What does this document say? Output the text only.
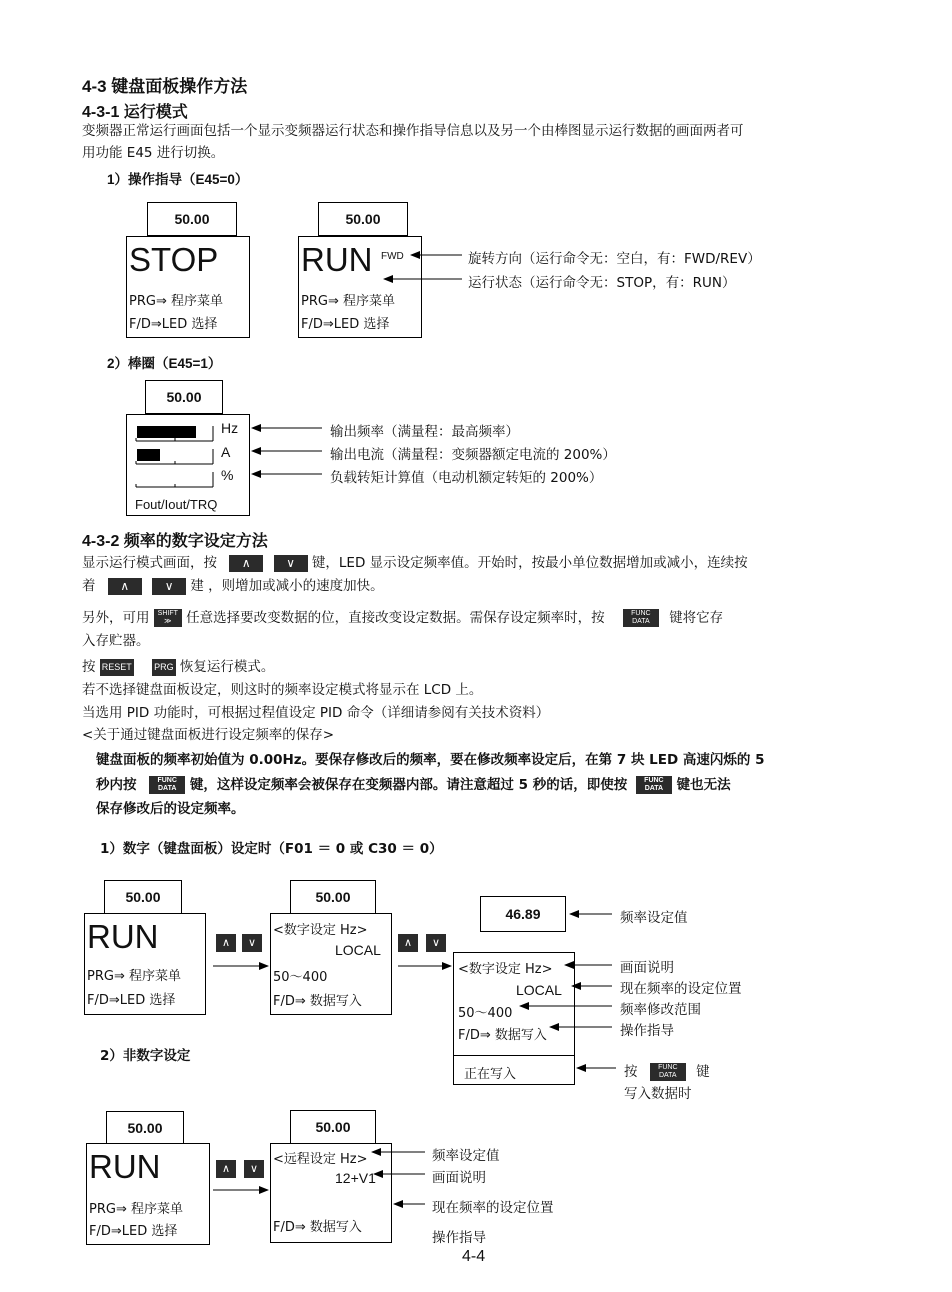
4-3 键盘面板操作方法
4-3-1 运行模式
变频器正常运行画面包括一个显示变频器运行状态和操作指导信息以及另一个由棒图显示运行数据的画面两者可
用功能 E45 进行切换。
1）操作指导（E45=0）
50.00
STOP
PRG⇒ 程序菜单
F/D⇒LED 选择
50.00
RUN FWD
PRG⇒ 程序菜单
F/D⇒LED 选择
旋转方向（运行命令无：空白，有：FWD/REV）
运行状态（运行命令无：STOP，有：RUN）
2）棒圈（E45=1）
50.00
Hz
A
%
Fout/Iout/TRQ
输出频率（满量程：最高频率）
输出电流（满量程：变频器额定电流的 200%）
负载转矩计算值（电动机额定转矩的 200%）
4-3-2 频率的数字设定方法
显示运行模式画面，按 ∧	∨ 键，LED 显示设定频率值。开始时，按最小单位数据增加或减小，连续按
着 ∧	∨ 建 ，则增加或减小的速度加快。
另外，可用 SHIFT
≫ 任意选择要改变数据的位，直接改变设定数据。需保存设定频率时，按	FUNC
DATA 键将它存
入存贮器。
按 RESET PRG 恢复运行模式。
若不选择键盘面板设定，则这时的频率设定模式将显示在 LCD 上。
当选用 PID 功能时，可根据过程值设定 PID 命令（详细请参阅有关技术资料）
<关于通过键盘面板进行设定频率的保存>
键盘面板的频率初始值为 0.00Hz。要保存修改后的频率，要在修改频率设定后，在第 7 块 LED 高速闪烁的 5
秒内按	FUNC
DATA 键，这样设定频率会被保存在变频器内部。请注意超过 5 秒的话，即使按 FUNC
DATA 键也无法
保存修改后的设定频率。
1）数字（键盘面板）设定时（F01 ＝ 0 或 C30 ＝ 0）
50.00
RUN
PRG⇒ 程序菜单
F/D⇒LED 选择
∧	∨
50.00
<数字设定 Hz>
LOCAL
50～400
F/D⇒ 数据写入
∧	∨
46.89
<数字设定 Hz>
LOCAL
50～400
F/D⇒ 数据写入
正在写入
频率设定值
画面说明
现在频率的设定位置
频率修改范围
操作指导
按	FUNC
DATA 键
写入数据时
2）非数字设定
50.00
RUN
PRG⇒ 程序菜单
F/D⇒LED 选择
∧	∨
50.00
<远程设定 Hz>
12+V1
F/D⇒ 数据写入
频率设定值
画面说明
现在频率的设定位置
操作指导
4-4
